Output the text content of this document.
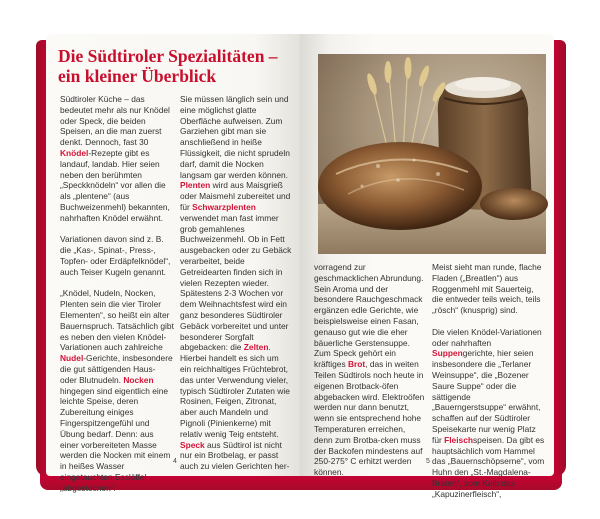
Die Südtiroler Spezialitäten – ein kleiner Überblick

Südtiroler Küche – das bedeutet mehr als nur Knödel oder Speck, die beiden Speisen, an die man zuerst denkt. Dennoch, fast 30 Knödel-Rezepte gibt es landauf, landab. Hier seien neben den berühmten „Speckknödeln“ vor allen die als „plentene“ (aus Buchweizenmehl) bekannten, nahrhaften Knödel erwähnt.

Variationen davon sind z. B. die „Kas-, Spinat-, Press-, Topfen- oder Erdäpfelknödel“, auch Teiser Kugeln genannt.

„Knödel, Nudeln, Nocken, Plenten sein die vier Tiroler Elementen“, so heißt ein alter Bauernspruch. Tatsächlich gibt es neben den vielen Knödel-Variationen auch zahlreiche Nudel-Gerichte, insbesondere die gut sättigenden Haus- oder Blutnudeln. Nocken hingegen sind eigentlich eine leichte Speise, deren Zubereitung einiges Fingerspitzengefühl und Übung bedarf. Denn: aus einer vorbereiteten Masse werden die Nocken mit einem in heißes Wasser eingetauchten Esslöffel „abgestochen“.

Sie müssen länglich sein und eine möglichst glatte Oberfläche aufweisen. Zum Garziehen gibt man sie anschließend in heiße Flüssigkeit, die nicht sprudeln darf, damit die Nocken langsam gar werden können. Plenten wird aus Maisgrieß oder Maismehl zubereitet und für Schwarzplenten verwendet man fast immer grob gemahlenes Buchweizenmehl. Ob in Fett ausgebacken oder zu Gebäck verarbeitet, beide Getreidearten finden sich in vielen Rezepten wieder. Spätestens 2-3 Wochen vor dem Weihnachtsfest wird ein ganz besonderes Südtiroler Gebäck vorbereitet und unter besonderer Sorgfalt abgebacken: die Zelten. Hierbei handelt es sich um ein reichhaltiges Früchtebrot, das unter Verwendung vieler, typisch Südtiroler Zutaten wie Rosinen, Feigen, Zitronat, aber auch Mandeln und Pignoli (Pinienkerne) mit relativ wenig Teig entsteht. Speck aus Südtirol ist nicht nur ein Brotbelag, er passt auch zu vielen Gerichten her-

4

vorragend zur geschmacklichen Abrundung. Sein Aroma und der besondere Rauchgeschmack ergänzen edle Gerichte, wie beispielsweise einen Fasan, genauso gut wie die eher bäuerliche Gerstensuppe. Zum Speck gehört ein kräftiges Brot, das in weiten Teilen Südtirols noch heute in eigenen Brotback-öfen abgebacken wird. Elektroöfen werden nur dann benutzt, wenn sie entsprechend hohe Temperaturen erreichen, denn zum Brotba-cken muss der Backofen mindestens auf 250-275° C erhitzt werden können.

Meist sieht man runde, flache Fladen („Breatlen“) aus Roggenmehl mit Sauerteig, die entweder teils weich, teils „rösch“ (knusprig) sind.

Die vielen Knödel-Variationen oder nahrhaften Suppengerichte, hier seien insbesondere die „Terlaner Weinsuppe“, die „Bozener Saure Suppe“ oder die sättigende „Bauerngerstsuppe“ erwähnt, schaffen auf der Südtiroler Speisekarte nur wenig Platz für Fleischspeisen. Da gibt es hauptsächlich vom Hammel das „Bauernschöpserne“, vom Huhn den „St.-Magdalena-Braten“, vom Kalb das „Kapuzinerfleisch“,

5
